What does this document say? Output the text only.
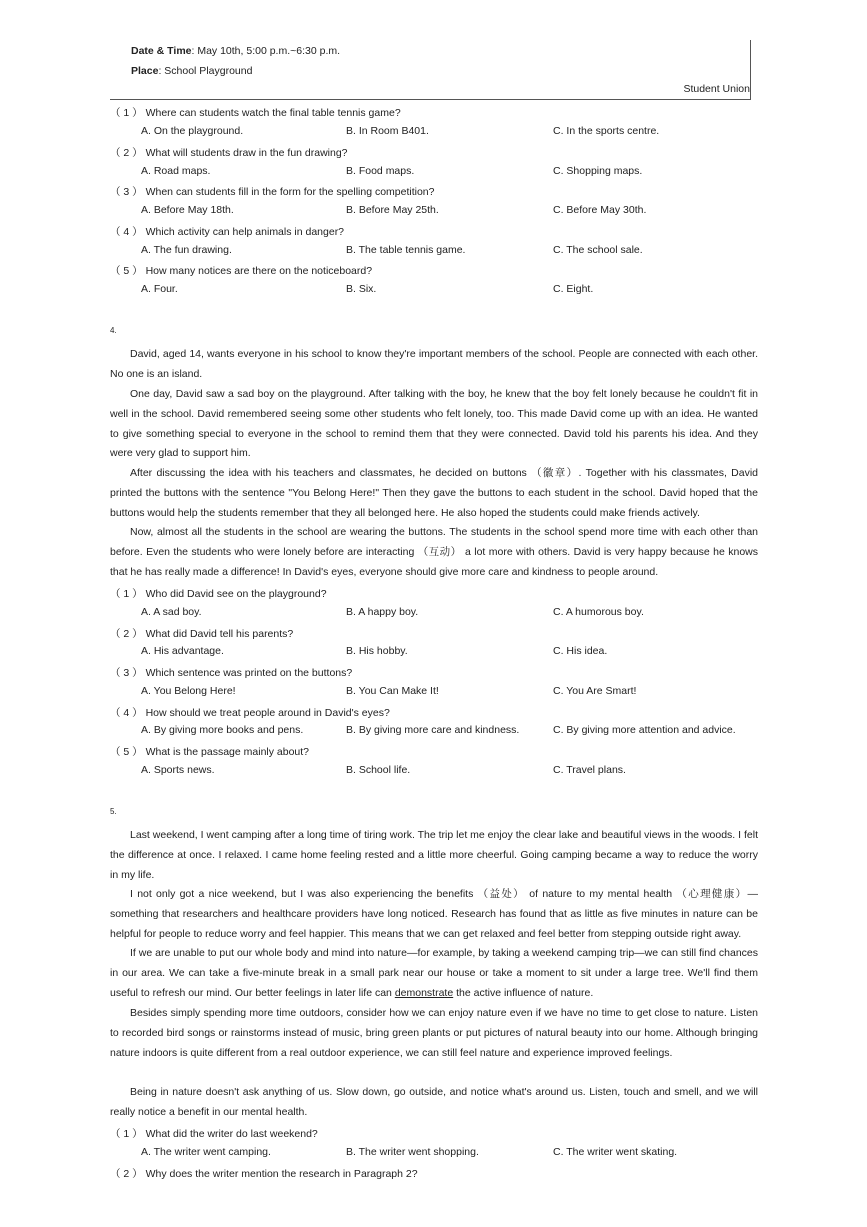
Date & Time: May 10th, 5:00 p.m.~6:30 p.m.
Place: School Playground
Student Union
（ 1 ） Where can students watch the final table tennis game?
A. On the playground.	B. In Room B401.	C. In the sports centre.
（ 2 ） What will students draw in the fun drawing?
A. Road maps.	B. Food maps.	C. Shopping maps.
（ 3 ） When can students fill in the form for the spelling competition?
A. Before May 18th.	B. Before May 25th.	C. Before May 30th.
（ 4 ） Which activity can help animals in danger?
A. The fun drawing.	B. The table tennis game.	C. The school sale.
（ 5 ） How many notices are there on the noticeboard?
A. Four.	B. Six.	C. Eight.
4.

David, aged 14, wants everyone in his school to know they're important members of the school. People are connected with each other. No one is an island.

One day, David saw a sad boy on the playground. After talking with the boy, he knew that the boy felt lonely because he couldn't fit in well in the school. David remembered seeing some other students who felt lonely, too. This made David come up with an idea. He wanted to give something special to everyone in the school to remind them that they were connected. David told his parents his idea. And they were very glad to support him.

After discussing the idea with his teachers and classmates, he decided on buttons （徽章）. Together with his classmates, David printed the buttons with the sentence "You Belong Here!" Then they gave the buttons to each student in the school. David hoped that the buttons would help the students remember that they all belonged here. He also hoped the students could make friends actively.

Now, almost all the students in the school are wearing the buttons. The students in the school spend more time with each other than before. Even the students who were lonely before are interacting （互动） a lot more with others. David is very happy because he knows that he has really made a difference! In David's eyes, everyone should give more care and kindness to people around.

（ 1 ） Who did David see on the playground?
A. A sad boy.	B. A happy boy.	C. A humorous boy.
（ 2 ） What did David tell his parents?
A. His advantage.	B. His hobby.	C. His idea.
（ 3 ） Which sentence was printed on the buttons?
A. You Belong Here!	B. You Can Make It!	C. You Are Smart!
（ 4 ） How should we treat people around in David's eyes?
A. By giving more books and pens.	B. By giving more care and kindness.	C. By giving more attention and advice.
（ 5 ） What is the passage mainly about?
A. Sports news.	B. School life.	C. Travel plans.
5.

Last weekend, I went camping after a long time of tiring work. The trip let me enjoy the clear lake and beautiful views in the woods. I felt the difference at once. I relaxed. I came home feeling rested and a little more cheerful. Going camping became a way to reduce the worry in my life.

I not only got a nice weekend, but I was also experiencing the benefits （益处） of nature to my mental health （心理健康）—something that researchers and healthcare providers have long noticed. Research has found that as little as five minutes in nature can be helpful for people to reduce worry and feel happier. This means that we can get relaxed and feel better from stepping outside right away.

If we are unable to put our whole body and mind into nature—for example, by taking a weekend camping trip—we can still find chances in our area. We can take a five-minute break in a small park near our house or take a moment to sit under a large tree. We'll find them useful to refresh our mind. Our better feelings in later life can demonstrate the active influence of nature.

Besides simply spending more time outdoors, consider how we can enjoy nature even if we have no time to get close to nature. Listen to recorded bird songs or rainstorms instead of music, bring green plants or put pictures of natural beauty into our home. Although bringing nature indoors is quite different from a real outdoor experience, we can still feel nature and experience improved feelings.

Being in nature doesn't ask anything of us. Slow down, go outside, and notice what's around us. Listen, touch and smell, and we will really notice a benefit in our mental health.

（ 1 ） What did the writer do last weekend?
A. The writer went camping.	B. The writer went shopping.	C. The writer went skating.
（ 2 ） Why does the writer mention the research in Paragraph 2?
